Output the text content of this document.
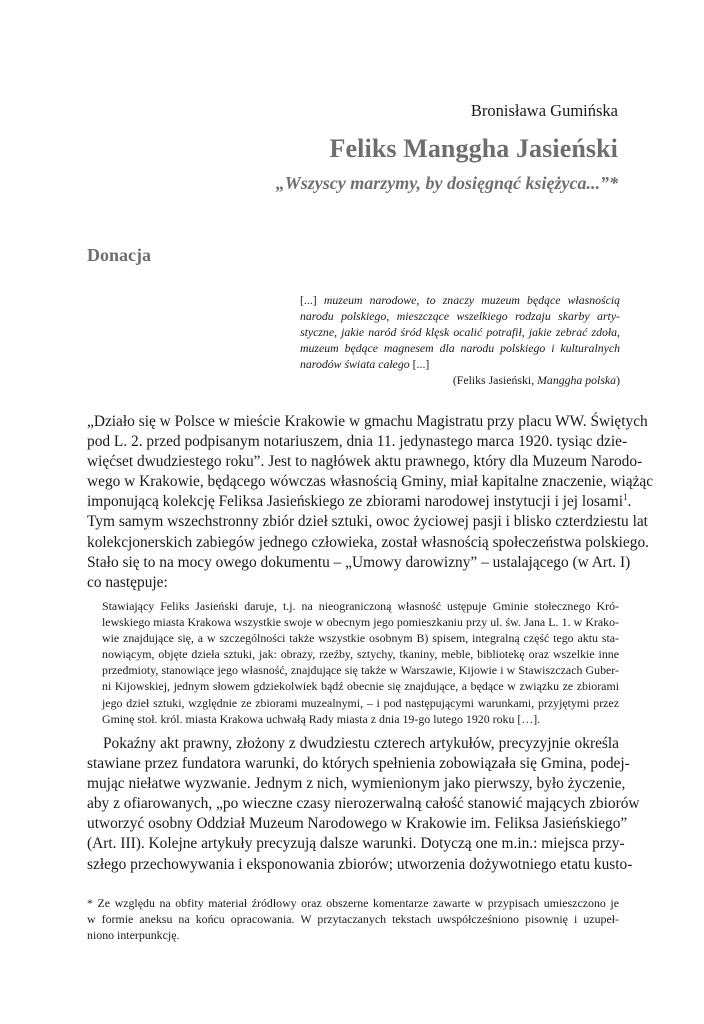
Bronisława Gumińska
Feliks Manggha Jasieński
„Wszyscy marzymy, by dosięgnąć księżyca...”*
Donacja
[...] muzeum narodowe, to znaczy muzeum będące własnością
narodu polskiego, mieszczące wszelkiego rodzaju skarby arty-
styczne, jakie naród śród klęsk ocalić potrafił, jakie zebrać zdoła,
muzeum będące magnesem dla narodu polskiego i kulturalnych
narodów świata całego [...]
(Feliks Jasieński, Manggha polska)
„Działo się w Polsce w mieście Krakowie w gmachu Magistratu przy placu WW. Świętych
pod L. 2. przed podpisanym notariuszem, dnia 11. jedynastego marca 1920. tysiąc dzie-
więćset dwudziestego roku”. Jest to nagłówek aktu prawnego, który dla Muzeum Narodo-
wego w Krakowie, będącego wówczas własnością Gminy, miał kapitalne znaczenie, wiążąc
imponującą kolekcję Feliksa Jasieńskiego ze zbiorami narodowej instytucji i jej losami$^1$.
Tym samym wszechstronny zbiór dzieł sztuki, owoc życiowej pasji i blisko czterdziestu lat
kolekcjonerskich zabiegów jednego człowieka, został własnością społeczeństwa polskiego.
Stało się to na mocy owego dokumentu – „Umowy darowizny” – ustalającego (w Art. I)
co następuje:
Stawiający Feliks Jasieński daruje, t.j. na nieograniczoną własność ustępuje Gminie stołecznego Kró-
lewskiego miasta Krakowa wszystkie swoje w obecnym jego pomieszkaniu przy ul. św. Jana L. 1. w Krako-
wie znajdujące się, a w szczególności także wszystkie osobnym B) spisem, integralną część tego aktu sta-
nowiącym, objęte dzieła sztuki, jak: obrazy, rzeźby, sztychy, tkaniny, meble, bibliotekę oraz wszelkie inne
przedmioty, stanowiące jego własność, znajdujące się także w Warszawie, Kijowie i w Stawiszczach Guber-
ni Kijowskiej, jednym słowem gdziekolwiek bądź obecnie się znajdujące, a będące w związku ze zbiorami
jego dzieł sztuki, względnie ze zbiorami muzealnymi, – i pod następującymi warunkami, przyjętymi przez
Gminę stoł. król. miasta Krakowa uchwałą Rady miasta z dnia 19-go lutego 1920 roku […].
Pokaźny akt prawny, złożony z dwudziestu czterech artykułów, precyzyjnie określa
stawiane przez fundatora warunki, do których spełnienia zobowiązała się Gmina, podej-
mując niełatwe wyzwanie. Jednym z nich, wymienionym jako pierwszy, było życzenie,
aby z ofiarowanych, „po wieczne czasy nierozerwalną całość stanowić mających zbiorów
utworzyć osobny Oddział Muzeum Narodowego w Krakowie im. Feliksa Jasieńskiego”
(Art. III). Kolejne artykuły precyzują dalsze warunki. Dotyczą one m.in.: miejsca przy-
szłego przechowywania i eksponowania zbiorów; utworzenia dożywotniego etatu kusto-
* Ze względu na obfity materiał źródłowy oraz obszerne komentarze zawarte w przypisach umieszczono je
w formie aneksu na końcu opracowania. W przytaczanych tekstach uwspółcześniono pisownię i uzupeł-
niono interpunkcję.
